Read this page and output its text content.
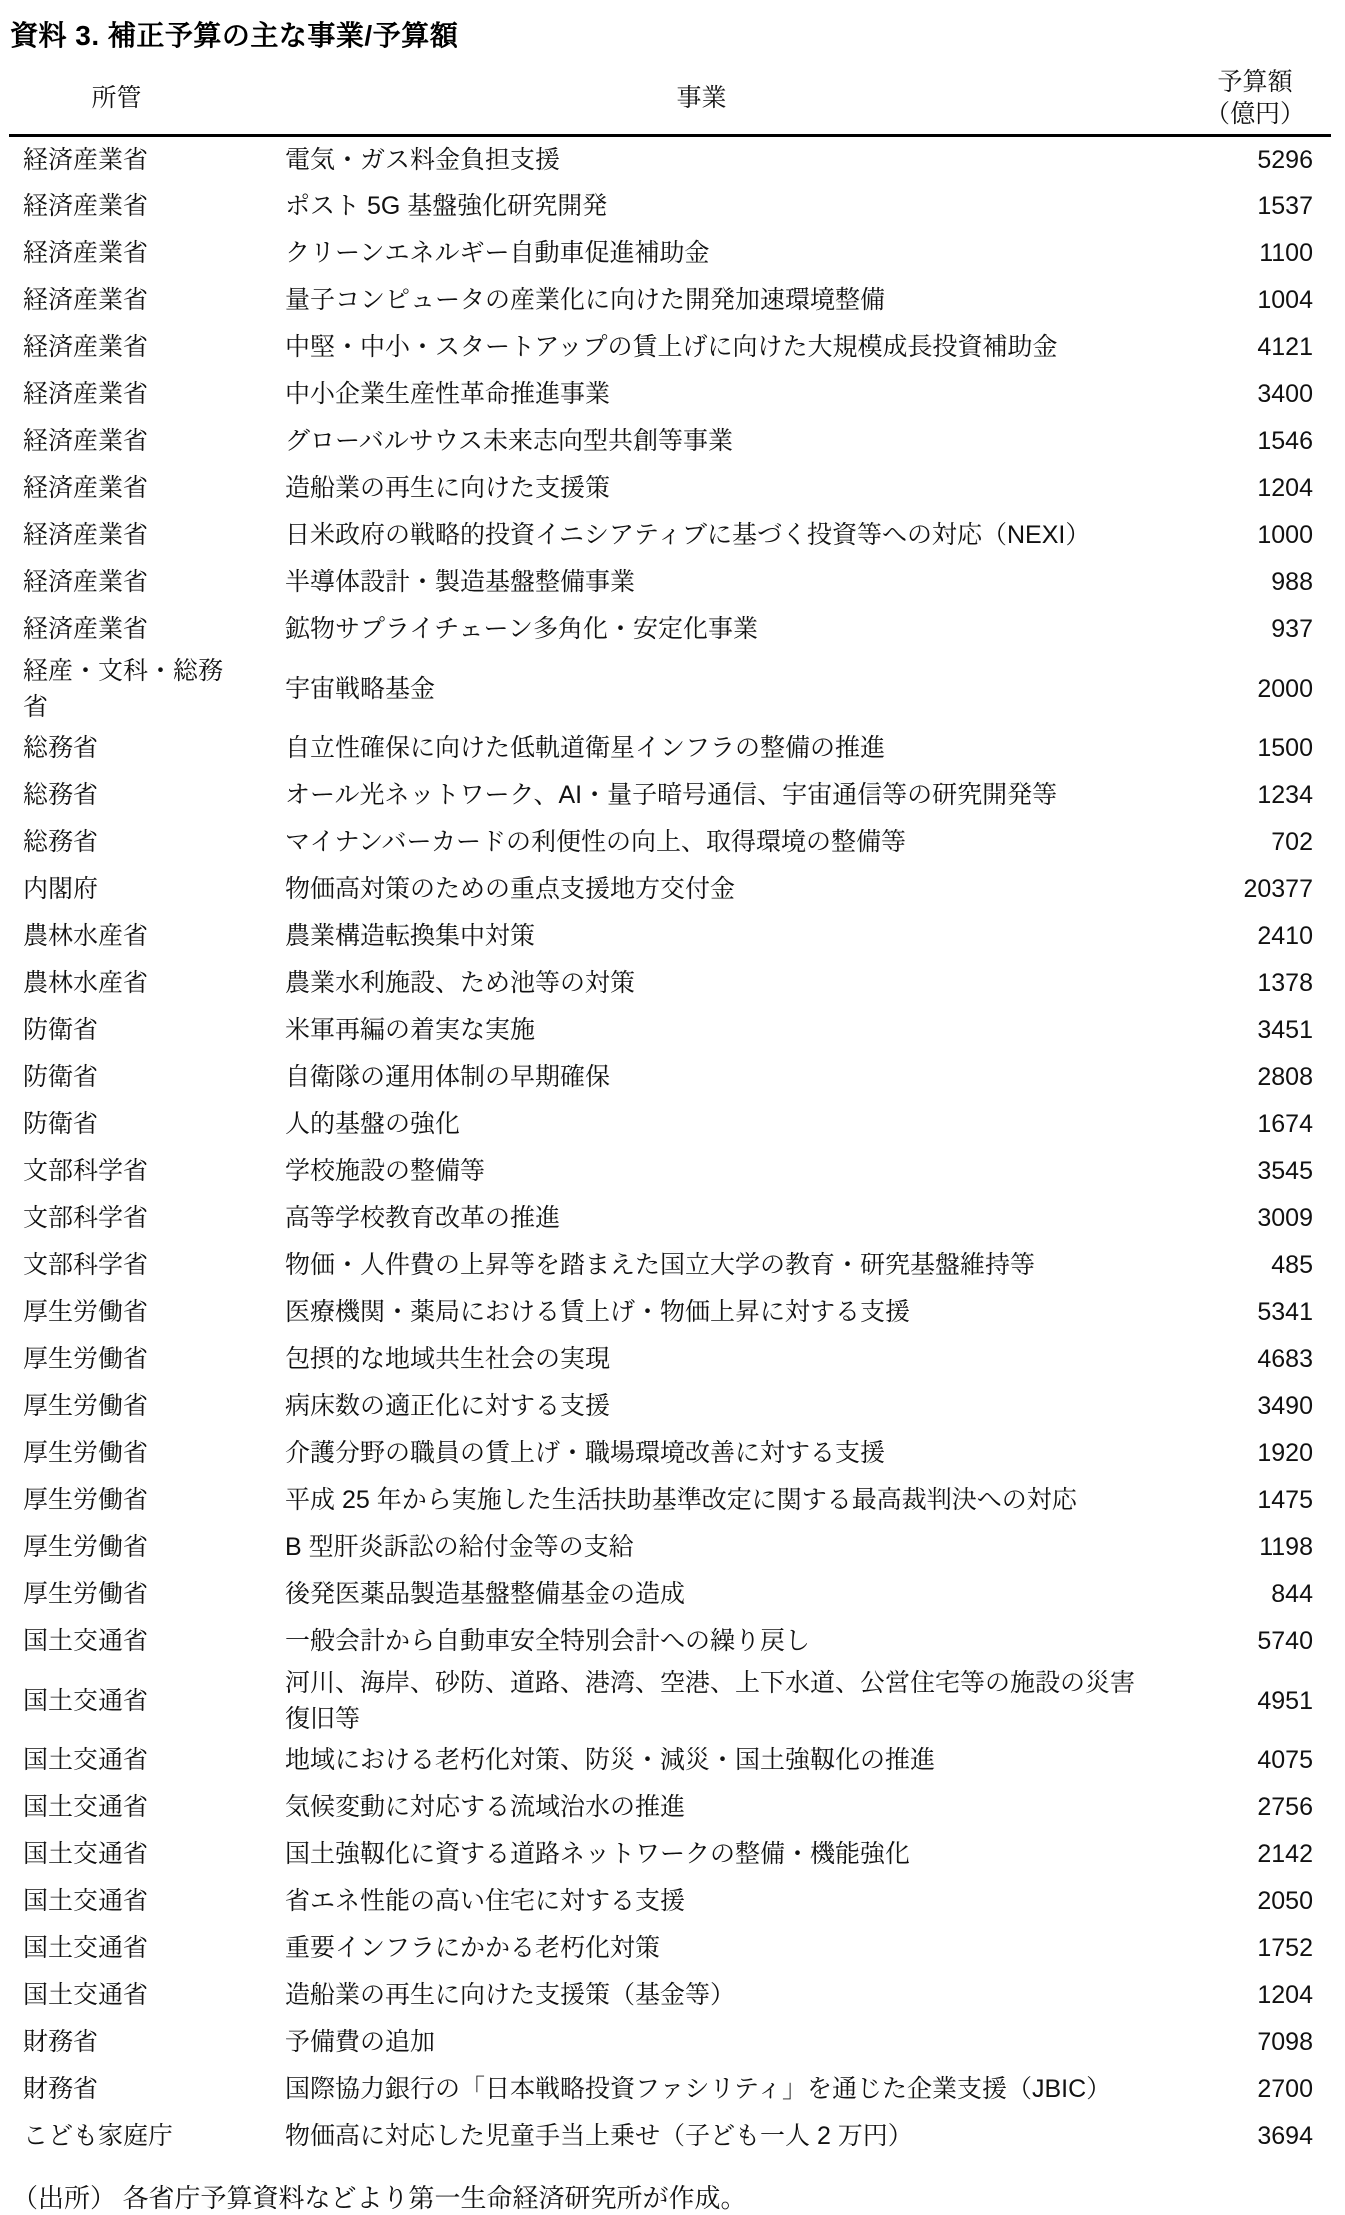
資料 3. 補正予算の主な事業/予算額
所管	事業	予算額
（億円）
経済産業省	電気・ガス料金負担支援	5296
経済産業省	ポスト 5G 基盤強化研究開発	1537
経済産業省	クリーンエネルギー自動車促進補助金	1100
経済産業省	量子コンピュータの産業化に向けた開発加速環境整備	1004
経済産業省	中堅・中小・スタートアップの賃上げに向けた大規模成長投資補助金	4121
経済産業省	中小企業生産性革命推進事業	3400
経済産業省	グローバルサウス未来志向型共創等事業	1546
経済産業省	造船業の再生に向けた支援策	1204
経済産業省	日米政府の戦略的投資イニシアティブに基づく投資等への対応（NEXI）	1000
経済産業省	半導体設計・製造基盤整備事業	988
経済産業省	鉱物サプライチェーン多角化・安定化事業	937
経産・文科・総務省	宇宙戦略基金	2000
総務省	自立性確保に向けた低軌道衛星インフラの整備の推進	1500
総務省	オール光ネットワーク、AI・量子暗号通信、宇宙通信等の研究開発等	1234
総務省	マイナンバーカードの利便性の向上、取得環境の整備等	702
内閣府	物価高対策のための重点支援地方交付金	20377
農林水産省	農業構造転換集中対策	2410
農林水産省	農業水利施設、ため池等の対策	1378
防衛省	米軍再編の着実な実施	3451
防衛省	自衛隊の運用体制の早期確保	2808
防衛省	人的基盤の強化	1674
文部科学省	学校施設の整備等	3545
文部科学省	高等学校教育改革の推進	3009
文部科学省	物価・人件費の上昇等を踏まえた国立大学の教育・研究基盤維持等	485
厚生労働省	医療機関・薬局における賃上げ・物価上昇に対する支援	5341
厚生労働省	包摂的な地域共生社会の実現	4683
厚生労働省	病床数の適正化に対する支援	3490
厚生労働省	介護分野の職員の賃上げ・職場環境改善に対する支援	1920
厚生労働省	平成 25 年から実施した生活扶助基準改定に関する最高裁判決への対応	1475
厚生労働省	B 型肝炎訴訟の給付金等の支給	1198
厚生労働省	後発医薬品製造基盤整備基金の造成	844
国土交通省	一般会計から自動車安全特別会計への繰り戻し	5740
国土交通省	河川、海岸、砂防、道路、港湾、空港、上下水道、公営住宅等の施設の災害復旧等	4951
国土交通省	地域における老朽化対策、防災・減災・国土強靱化の推進	4075
国土交通省	気候変動に対応する流域治水の推進	2756
国土交通省	国土強靱化に資する道路ネットワークの整備・機能強化	2142
国土交通省	省エネ性能の高い住宅に対する支援	2050
国土交通省	重要インフラにかかる老朽化対策	1752
国土交通省	造船業の再生に向けた支援策（基金等）	1204
財務省	予備費の追加	7098
財務省	国際協力銀行の「日本戦略投資ファシリティ」を通じた企業支援（JBIC）	2700
こども家庭庁	物価高に対応した児童手当上乗せ（子ども一人 2 万円）	3694
（出所） 各省庁予算資料などより第一生命経済研究所が作成。
